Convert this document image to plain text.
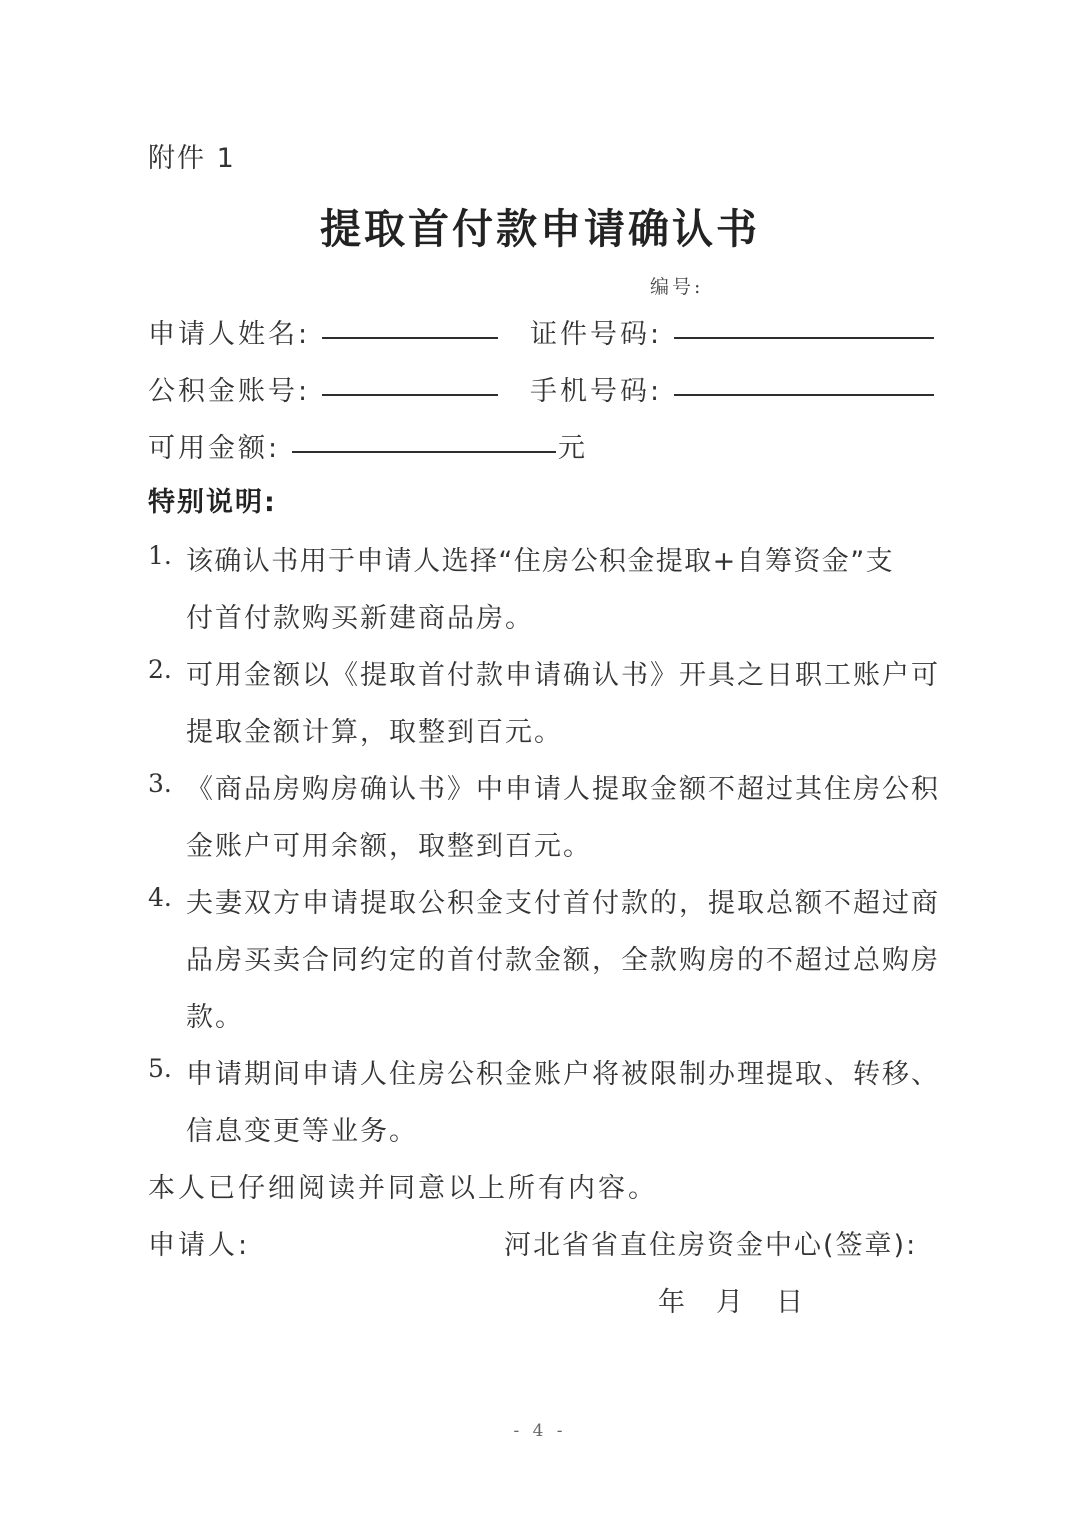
附件 1
提取首付款申请确认书
编号:
申请人姓名:	证件号码:
公积金账号:	手机号码:
可用金额:	元
特别说明:
1. 该确认书用于申请人选择“住房公积金提取+自筹资金”支
付首付款购买新建商品房。
2. 可用金额以《提取首付款申请确认书》开具之日职工账户可
提取金额计算，取整到百元。
3. 《商品房购房确认书》中申请人提取金额不超过其住房公积
金账户可用余额，取整到百元。
4. 夫妻双方申请提取公积金支付首付款的，提取总额不超过商
品房买卖合同约定的首付款金额，全款购房的不超过总购房
款。
5. 申请期间申请人住房公积金账户将被限制办理提取、转移、
信息变更等业务。
本人已仔细阅读并同意以上所有内容。
申请人:	河北省省直住房资金中心(签章):
年 月 日
- 4 -
